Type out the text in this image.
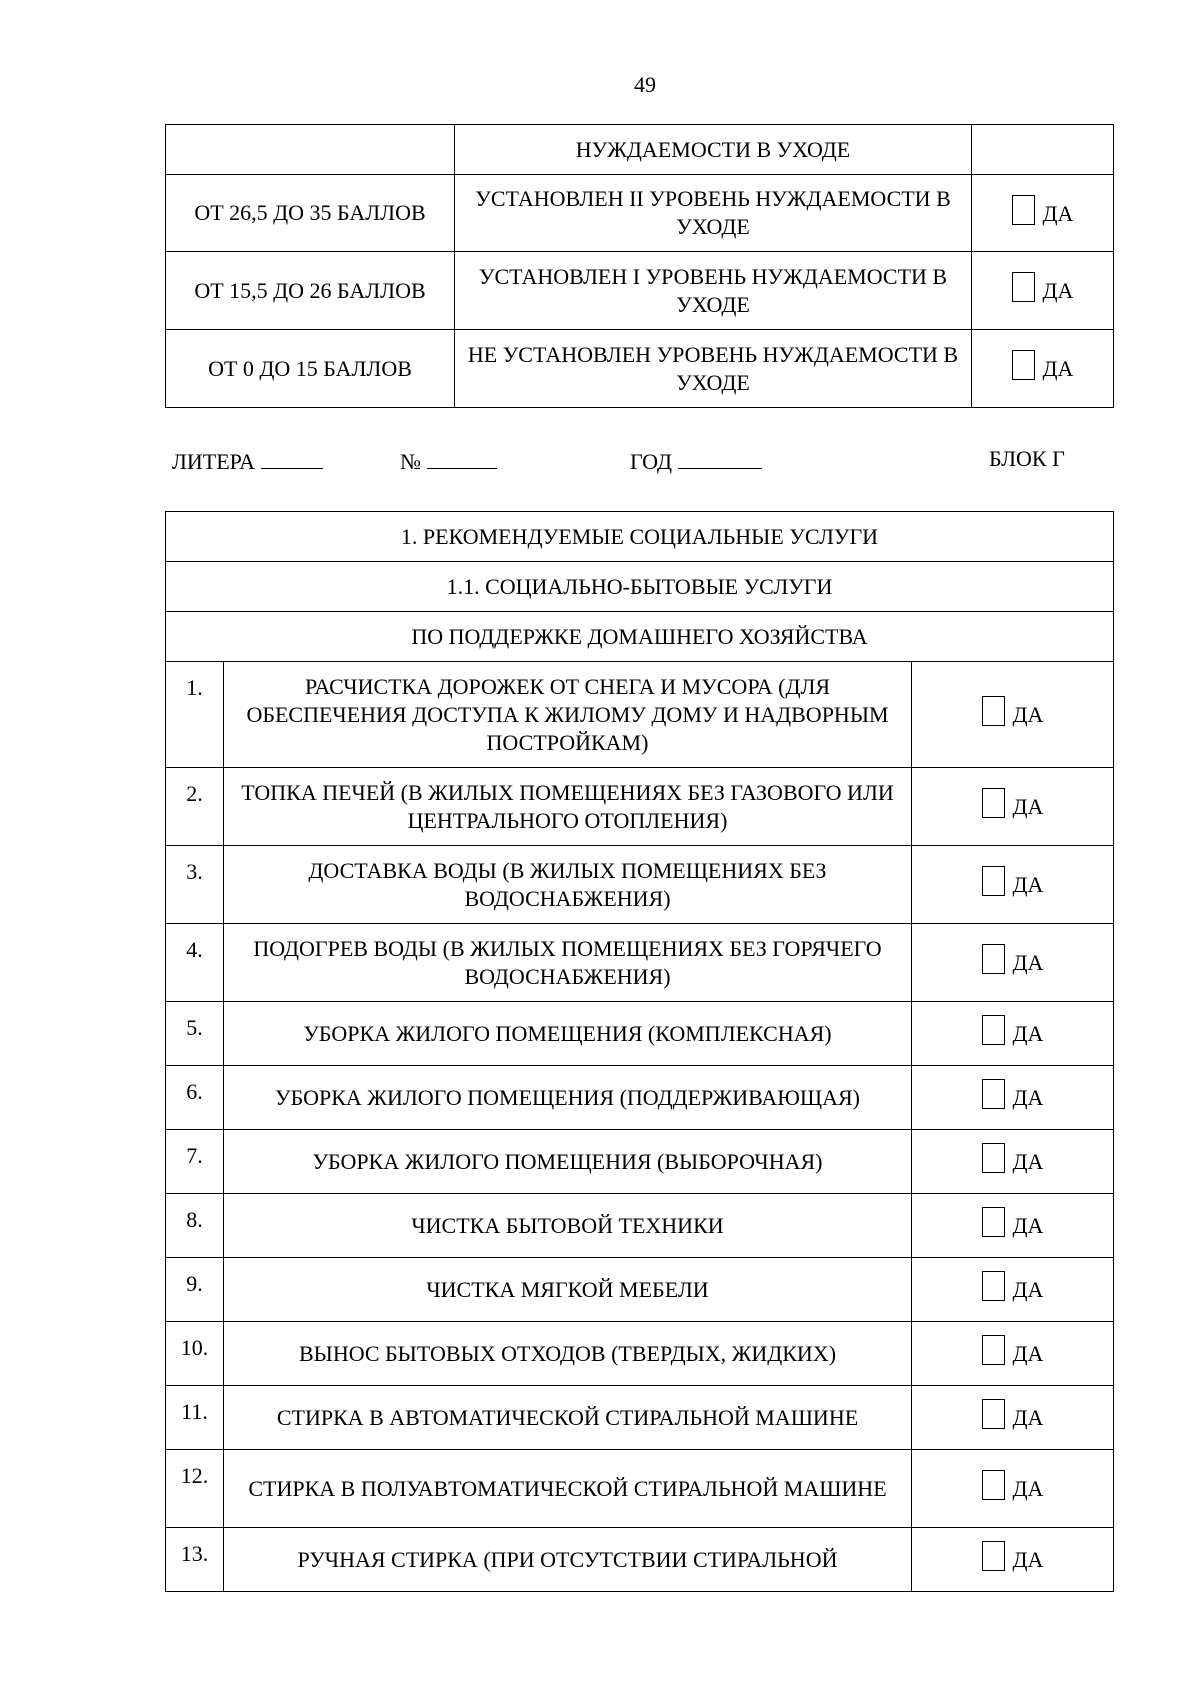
49
	НУЖДАЕМОСТИ В УХОДЕ	
ОТ 26,5 ДО 35 БАЛЛОВ	УСТАНОВЛЕН II УРОВЕНЬ НУЖДАЕМОСТИ В УХОДЕ	ДА

ОТ 15,5 ДО 26 БАЛЛОВ	УСТАНОВЛЕН I УРОВЕНЬ НУЖДАЕМОСТИ В УХОДЕ	ДА

ОТ 0 ДО 15 БАЛЛОВ	НЕ УСТАНОВЛЕН УРОВЕНЬ НУЖДАЕМОСТИ В УХОДЕ	ДА
ЛИТЕРА	№	ГОД	БЛОК Г
1. РЕКОМЕНДУЕМЫЕ СОЦИАЛЬНЫЕ УСЛУГИ		
1.1. СОЦИАЛЬНО-БЫТОВЫЕ УСЛУГИ		
ПО ПОДДЕРЖКЕ ДОМАШНЕГО ХОЗЯЙСТВА		
1.	РАСЧИСТКА ДОРОЖЕК ОТ СНЕГА И МУСОРА (ДЛЯ ОБЕСПЕЧЕНИЯ ДОСТУПА К ЖИЛОМУ ДОМУ И НАДВОРНЫМ ПОСТРОЙКАМ)	ДА

2.	ТОПКА ПЕЧЕЙ (В ЖИЛЫХ ПОМЕЩЕНИЯХ БЕЗ ГАЗОВОГО ИЛИ ЦЕНТРАЛЬНОГО ОТОПЛЕНИЯ)	ДА

3.	ДОСТАВКА ВОДЫ (В ЖИЛЫХ ПОМЕЩЕНИЯХ БЕЗ ВОДОСНАБЖЕНИЯ)	ДА

4.	ПОДОГРЕВ ВОДЫ (В ЖИЛЫХ ПОМЕЩЕНИЯХ БЕЗ ГОРЯЧЕГО ВОДОСНАБЖЕНИЯ)	ДА

5.	УБОРКА ЖИЛОГО ПОМЕЩЕНИЯ (КОМПЛЕКСНАЯ)	ДА

6.	УБОРКА ЖИЛОГО ПОМЕЩЕНИЯ (ПОДДЕРЖИВАЮЩАЯ)	ДА

7.	УБОРКА ЖИЛОГО ПОМЕЩЕНИЯ (ВЫБОРОЧНАЯ)	ДА

8.	ЧИСТКА БЫТОВОЙ ТЕХНИКИ	ДА

9.	ЧИСТКА МЯГКОЙ МЕБЕЛИ	ДА

10.	ВЫНОС БЫТОВЫХ ОТХОДОВ (ТВЕРДЫХ, ЖИДКИХ)	ДА

11.	СТИРКА В АВТОМАТИЧЕСКОЙ СТИРАЛЬНОЙ МАШИНЕ	ДА

12.	СТИРКА В ПОЛУАВТОМАТИЧЕСКОЙ СТИРАЛЬНОЙ МАШИНЕ	ДА

13.	РУЧНАЯ СТИРКА (ПРИ ОТСУТСТВИИ СТИРАЛЬНОЙ	ДА
